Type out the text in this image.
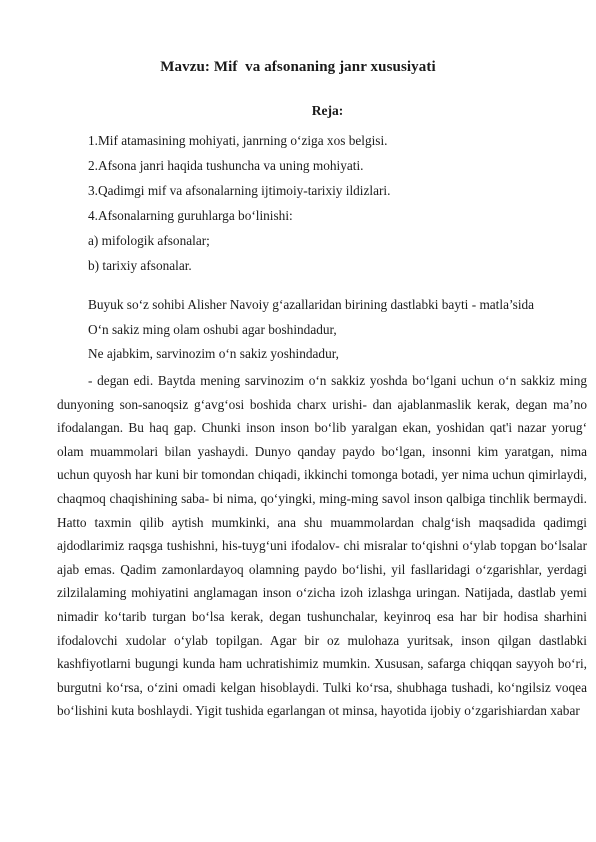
Mavzu: Mif  va afsonaning janr xususiyati
Reja:
1.Mif atamasining mohiyati, janrning o‘ziga xos belgisi.
2.Afsona janri haqida tushuncha va uning mohiyati.
3.Qadimgi mif va afsonalarning ijtimoiy-tarixiy ildizlari.
4.Afsonalarning guruhlarga bo‘linishi:
a) mifologik afsonalar;
b) tarixiy afsonalar.
Buyuk so‘z sohibi Alisher Navoiy g‘azallaridan birining dastlabki bayti - matla’sida
O‘n sakiz ming olam oshubi agar boshindadur,
Ne ajabkim, sarvinozim o‘n sakiz yoshindadur,
- degan edi. Baytda mening sarvinozim o‘n sakkiz yoshda bo‘lgani uchun o‘n sakkiz ming dunyoning son-sanoqsiz g‘avg‘osi boshida charx urishi- dan ajablanmaslik kerak, degan ma’no ifodalangan. Bu haq gap. Chunki inson inson bo‘lib yaralgan ekan, yoshidan qat'i nazar yorug‘ olam muammolari bilan yashaydi. Dunyo qanday paydo bo‘lgan, insonni kim yaratgan, nima uchun quyosh har kuni bir tomondan chiqadi, ikkinchi tomonga botadi, yer nima uchun qimirlaydi, chaqmoq chaqishining saba- bi nima, qo‘yingki, ming-ming savol inson qalbiga tinchlik bermaydi. Hatto taxmin qilib aytish mumkinki, ana shu muammolardan chalg‘ish maqsadida qadimgi ajdodlarimiz raqsga tushishni, his-tuyg‘uni ifodalov- chi misralar to‘qishni o‘ylab topgan bo‘lsalar ajab emas. Qadim zamonlardayoq olamning paydo bo‘lishi, yil fasllaridagi o‘zgarishlar, yerdagi zilzilalaming mohiyatini anglamagan inson o‘zicha izoh izlashga uringan. Natijada, dastlab yemi nimadir ko‘tarib turgan bo‘lsa kerak, degan tushunchalar, keyinroq esa har bir hodisa sharhini ifodalovchi xudolar o‘ylab topilgan. Agar bir oz mulohaza yuritsak, inson qilgan dastlabki kashfiyotlarni bugungi kunda ham uchratishimiz mumkin. Xususan, safarga chiqqan sayyoh bo‘ri, burgutni ko‘rsa, o‘zini omadi kelgan hisoblaydi. Tulki ko‘rsa, shubhaga tushadi, ko‘ngilsiz voqea bo‘lishini kuta boshlaydi. Yigit tushida egarlangan ot minsa, hayotida ijobiy o‘zgarishiardan xabar
